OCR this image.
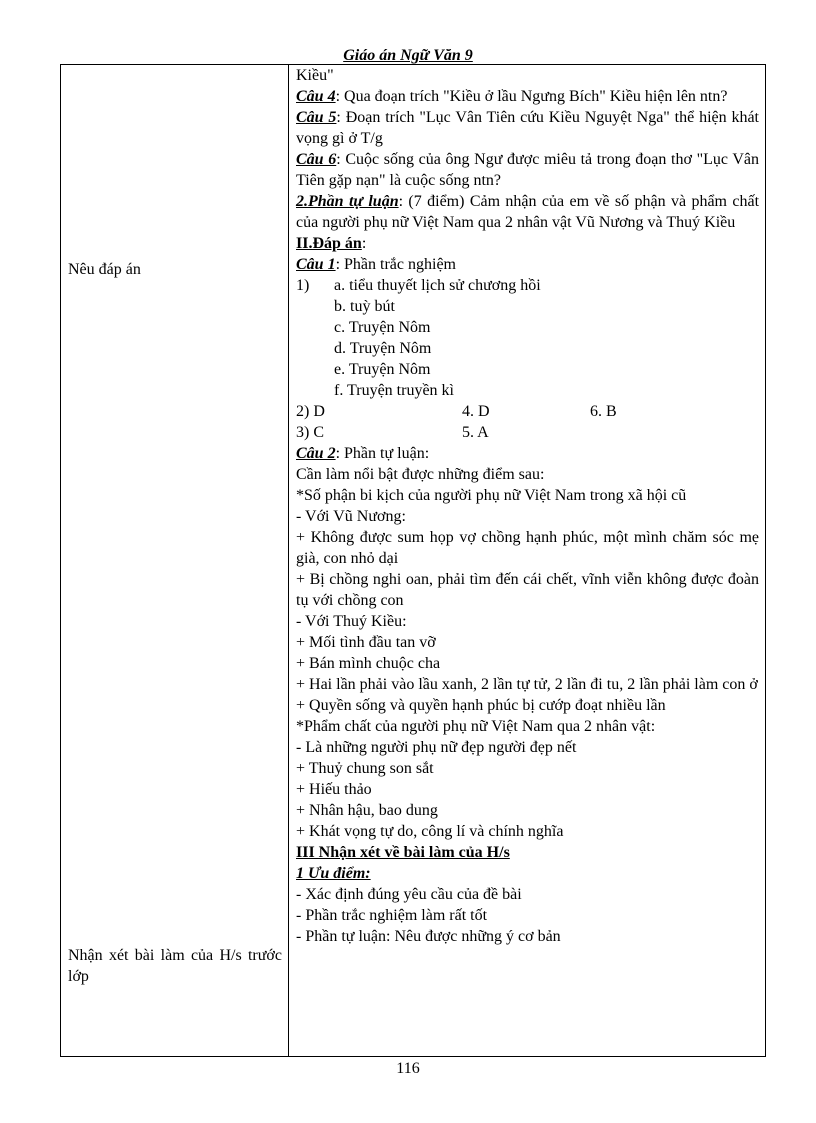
Giáo án Ngữ Văn 9
Nêu đáp án
Nhận xét bài làm của H/s trước lớp

Kiều"
Câu 4: Qua đoạn trích "Kiều ở lầu Ngưng Bích" Kiều hiện lên ntn?
Câu 5: Đoạn trích "Lục Vân Tiên cứu Kiều Nguyệt Nga" thể hiện khát vọng gì ở T/g
Câu 6: Cuộc sống của ông Ngư được miêu tả trong đoạn thơ "Lục Vân Tiên gặp nạn" là cuộc sống ntn?
2.Phần tự luận: (7 điểm) Cảm nhận của em về số phận và phẩm chất của người phụ nữ Việt Nam qua 2 nhân vật Vũ Nương và Thuý Kiều
II.Đáp án:
Câu 1: Phần trắc nghiệm
1) a. tiểu thuyết lịch sử chương hồi
b. tuỳ bút
c. Truyện Nôm
d. Truyện Nôm
e. Truyện Nôm
f. Truyện truyền kì
2) D	4. D	6. B
3) C	5. A
Câu 2: Phần tự luận:
Cần làm nổi bật được những điểm sau:
*Số phận bi kịch của người phụ nữ Việt Nam trong xã hội cũ
- Với Vũ Nương:
+ Không được sum họp vợ chồng hạnh phúc, một mình chăm sóc mẹ già, con nhỏ dại
+ Bị chồng nghi oan, phải tìm đến cái chết, vĩnh viễn không được đoàn tụ với chồng con
- Với Thuý Kiều:
+ Mối tình đầu tan vỡ
+ Bán mình chuộc cha
+ Hai lần phải vào lầu xanh, 2 lần tự tử, 2 lần đi tu, 2 lần phải làm con ở
+ Quyền sống và quyền hạnh phúc bị cướp đoạt nhiều lần
*Phẩm chất của người phụ nữ Việt Nam qua 2 nhân vật:
- Là những người phụ nữ đẹp người đẹp nết
+ Thuỷ chung son sắt
+ Hiếu thảo
+ Nhân hậu, bao dung
+ Khát vọng tự do, công lí và chính nghĩa
III Nhận xét về bài làm của H/s
1 Ưu điểm:
- Xác định đúng yêu cầu của đề bài
- Phần trắc nghiệm làm rất tốt
- Phần tự luận: Nêu được những ý cơ bản
116
